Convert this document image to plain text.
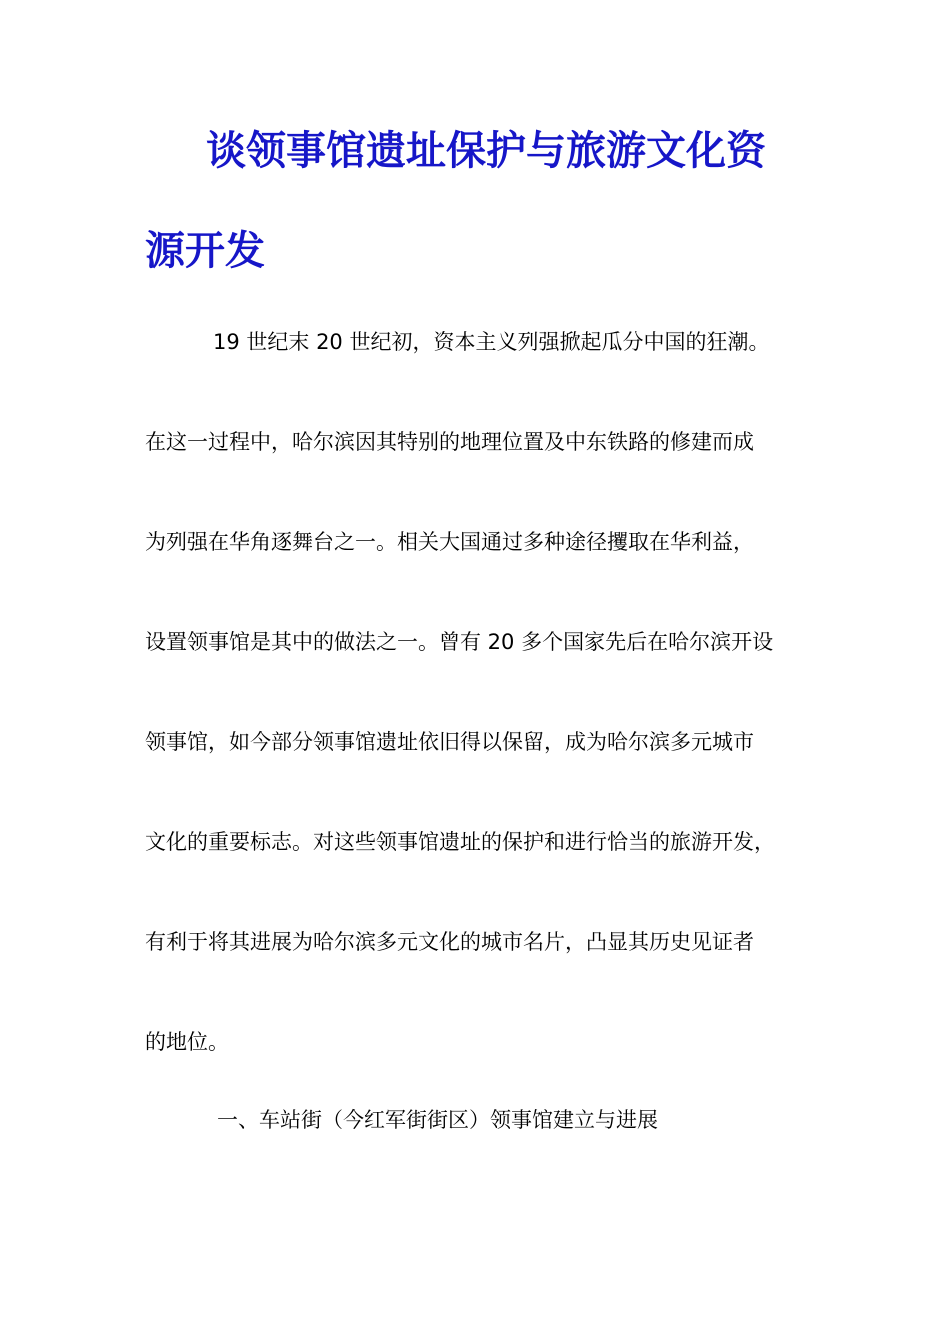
谈领事馆遗址保护与旅游文化资
源开发
19 世纪末 20 世纪初，资本主义列强掀起瓜分中国的狂潮。
在这一过程中，哈尔滨因其特别的地理位置及中东铁路的修建而成
为列强在华角逐舞台之一。相关大国通过多种途径攫取在华利益，
设置领事馆是其中的做法之一。曾有 20 多个国家先后在哈尔滨开设
领事馆，如今部分领事馆遗址依旧得以保留，成为哈尔滨多元城市
文化的重要标志。对这些领事馆遗址的保护和进行恰当的旅游开发，
有利于将其进展为哈尔滨多元文化的城市名片，凸显其历史见证者
的地位。
一、车站街（今红军街街区）领事馆建立与进展
